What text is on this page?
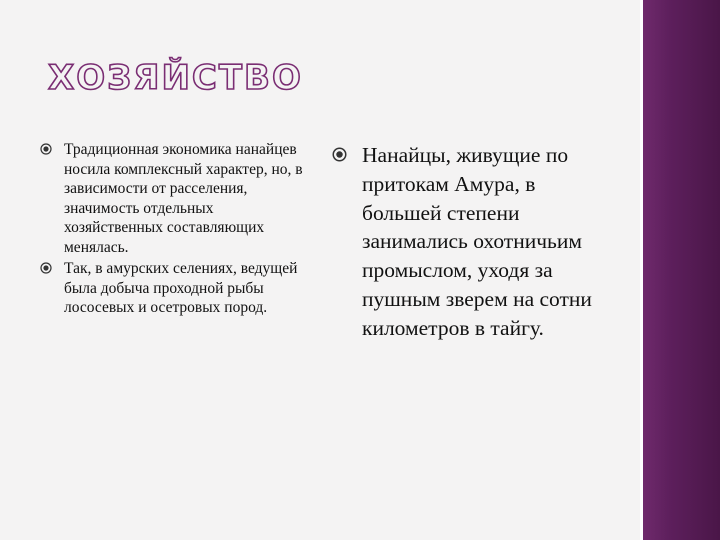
ХОЗЯЙСТВО
Традиционная экономика нанайцев носила комплексный характер, но, в зависимости от расселения, значимость отдельных хозяйственных составляющих менялась.
Так, в амурских селениях, ведущей была добыча проходной рыбы лососевых и осетровых пород.
Нанайцы, живущие по притокам Амура, в большей степени занимались охотничьим промыслом, уходя за пушным зверем на сотни километров в тайгу.
